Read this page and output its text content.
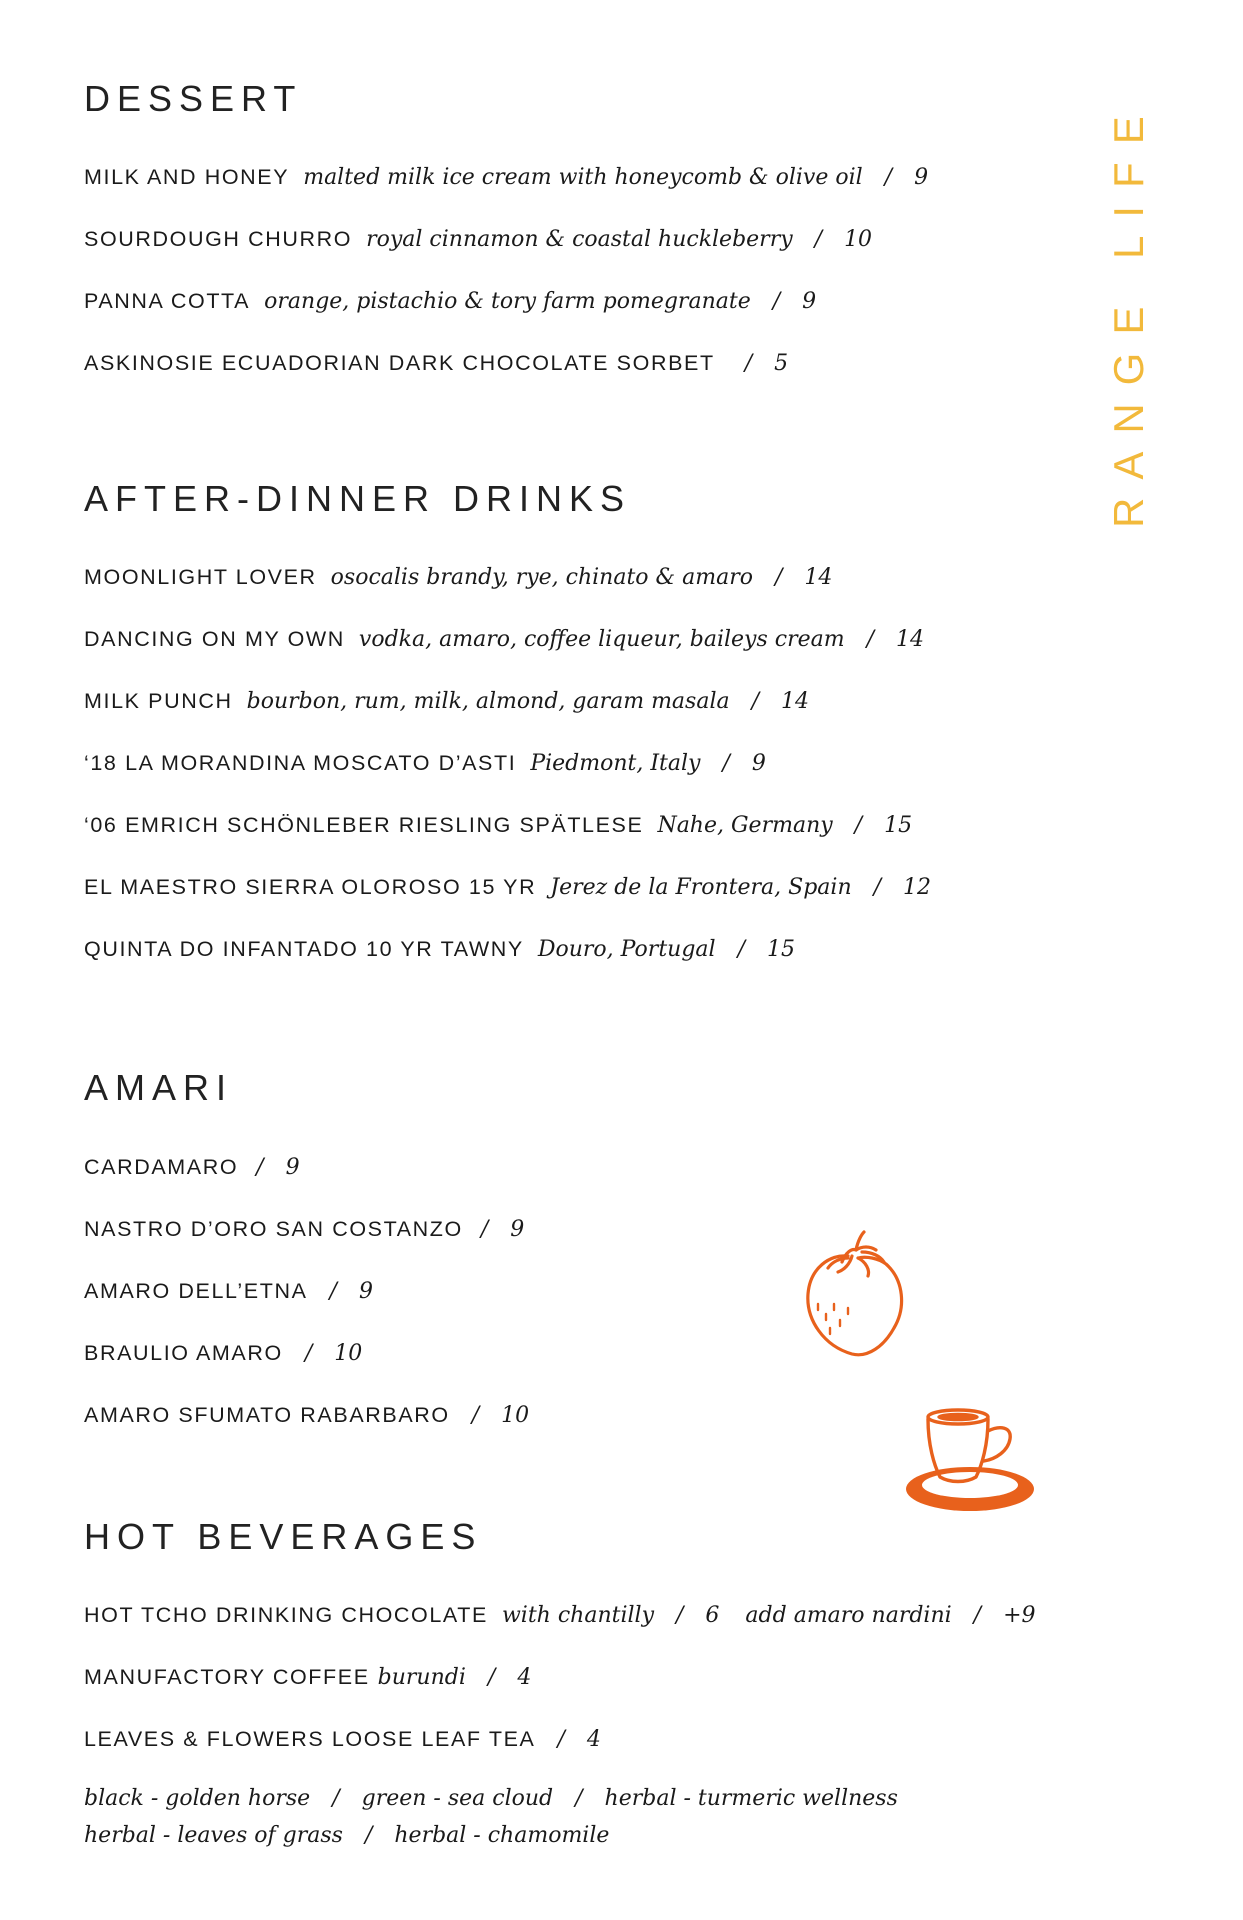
RANGE LIFE
DESSERT
MILK AND HONEY malted milk ice cream with honeycomb & olive oil / 9
SOURDOUGH CHURRO royal cinnamon & coastal huckleberry / 10
PANNA COTTA orange, pistachio & tory farm pomegranate / 9
ASKINOSIE ECUADORIAN DARK CHOCOLATE SORBET / 5
AFTER-DINNER DRINKS
MOONLIGHT LOVER osocalis brandy, rye, chinato & amaro / 14
DANCING ON MY OWN vodka, amaro, coffee liqueur, baileys cream / 14
MILK PUNCH bourbon, rum, milk, almond, garam masala / 14
‘18 LA MORANDINA MOSCATO D’ASTI Piedmont, Italy / 9
‘06 EMRICH SCHÖNLEBER RIESLING SPÄTLESE Nahe, Germany / 15
EL MAESTRO SIERRA OLOROSO 15 YR Jerez de la Frontera, Spain / 12
QUINTA DO INFANTADO 10 YR TAWNY Douro, Portugal / 15
AMARI
CARDAMARO / 9
NASTRO D’ORO SAN COSTANZO / 9
AMARO DELL’ETNA / 9
BRAULIO AMARO / 10
AMARO SFUMATO RABARBARO / 10
HOT BEVERAGES
HOT TCHO DRINKING CHOCOLATE with chantilly / 6 add amaro nardini / +9
MANUFACTORY COFFEE burundi / 4
LEAVES & FLOWERS LOOSE LEAF TEA / 4

black - golden horse / green - sea cloud / herbal - turmeric wellness

herbal - leaves of grass / herbal - chamomile
